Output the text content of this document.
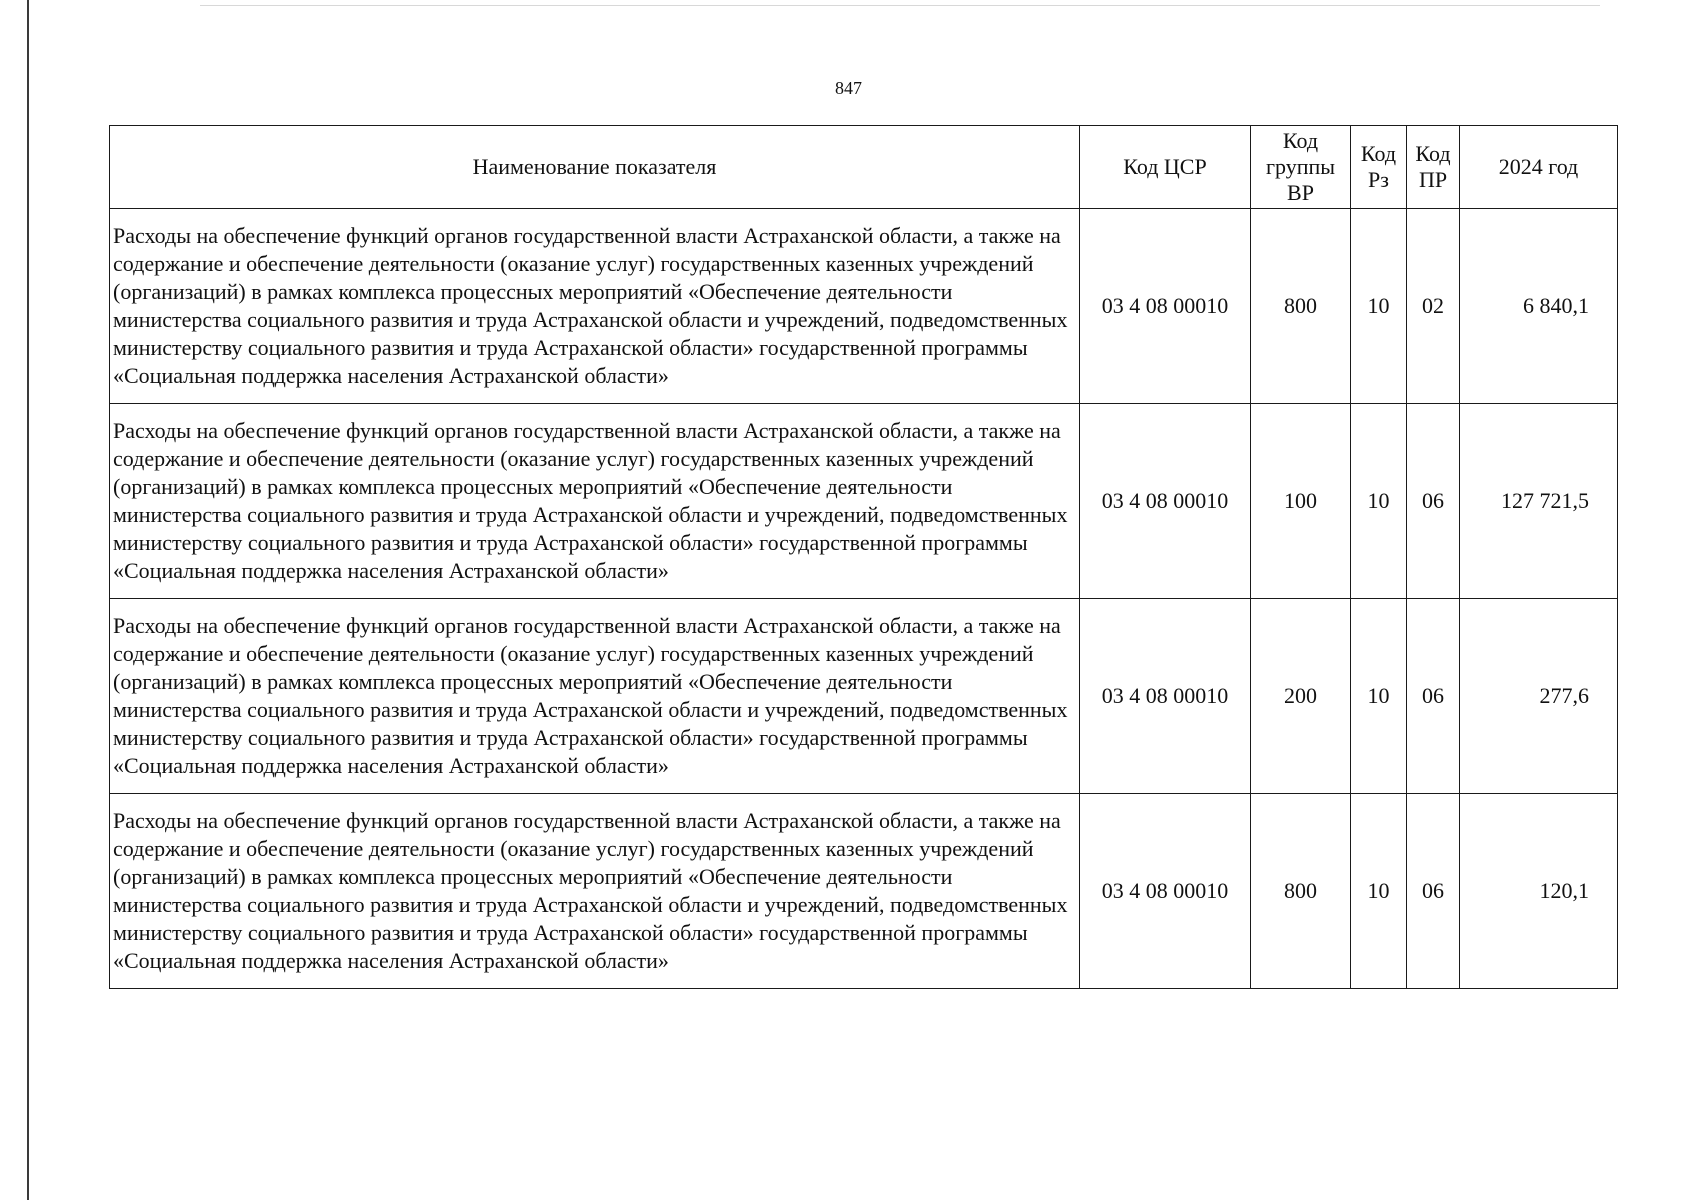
847
Наименование показателя	Код ЦСР	Код группы ВР	Код Рз	Код ПР	2024 год
Расходы на обеспечение функций органов государственной власти Астраханской области, а также на содержание и обеспечение деятельности (оказание услуг) государственных казенных учреждений (организаций) в рамках комплекса процессных мероприятий «Обеспечение деятельности министерства социального развития и труда Астраханской области и учреждений, подведомственных министерству социального развития и труда Астраханской области» государственной программы «Социальная поддержка населения Астраханской области»	03 4 08 00010	800	10	02	6 840,1
Расходы на обеспечение функций органов государственной власти Астраханской области, а также на содержание и обеспечение деятельности (оказание услуг) государственных казенных учреждений (организаций) в рамках комплекса процессных мероприятий «Обеспечение деятельности министерства социального развития и труда Астраханской области и учреждений, подведомственных министерству социального развития и труда Астраханской области» государственной программы «Социальная поддержка населения Астраханской области»	03 4 08 00010	100	10	06	127 721,5
Расходы на обеспечение функций органов государственной власти Астраханской области, а также на содержание и обеспечение деятельности (оказание услуг) государственных казенных учреждений (организаций) в рамках комплекса процессных мероприятий «Обеспечение деятельности министерства социального развития и труда Астраханской области и учреждений, подведомственных министерству социального развития и труда Астраханской области» государственной программы «Социальная поддержка населения Астраханской области»	03 4 08 00010	200	10	06	277,6
Расходы на обеспечение функций органов государственной власти Астраханской области, а также на содержание и обеспечение деятельности (оказание услуг) государственных казенных учреждений (организаций) в рамках комплекса процессных мероприятий «Обеспечение деятельности министерства социального развития и труда Астраханской области и учреждений, подведомственных министерству социального развития и труда Астраханской области» государственной программы «Социальная поддержка населения Астраханской области»	03 4 08 00010	800	10	06	120,1
